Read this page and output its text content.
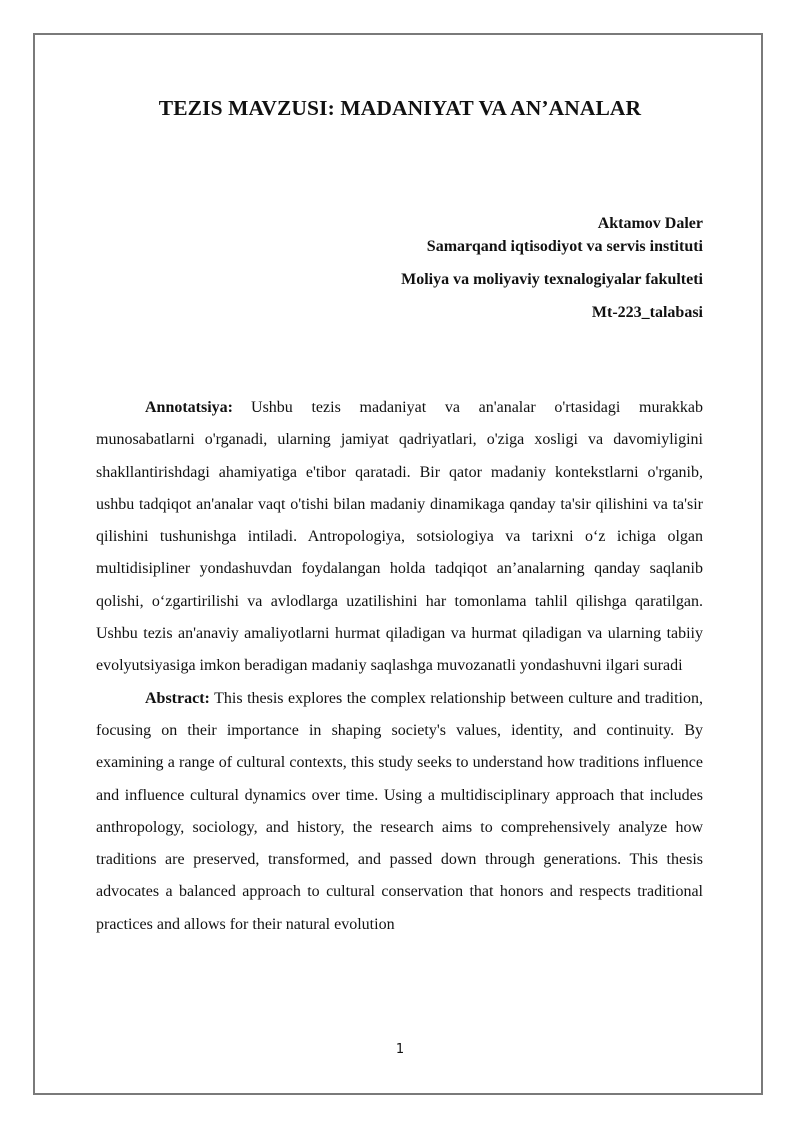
TEZIS MAVZUSI: MADANIYAT VA AN’ANALAR
Aktamov Daler
Samarqand iqtisodiyot va servis instituti
Moliya va moliyaviy texnalogiyalar fakulteti
Mt-223_talabasi

Annotatsiya: Ushbu tezis madaniyat va an'analar o'rtasidagi murakkab munosabatlarni o'rganadi, ularning jamiyat qadriyatlari, o'ziga xosligi va davomiyligini shakllantirishdagi ahamiyatiga e'tibor qaratadi. Bir qator madaniy kontekstlarni o'rganib, ushbu tadqiqot an'analar vaqt o'tishi bilan madaniy dinamikaga qanday ta'sir qilishini va ta'sir qilishini tushunishga intiladi. Antropologiya, sotsiologiya va tarixni o‘z ichiga olgan multidisipliner yondashuvdan foydalangan holda tadqiqot an’analarning qanday saqlanib qolishi, o‘zgartirilishi va avlodlarga uzatilishini har tomonlama tahlil qilishga qaratilgan. Ushbu tezis an'anaviy amaliyotlarni hurmat qiladigan va hurmat qiladigan va ularning tabiiy evolyutsiyasiga imkon beradigan madaniy saqlashga muvozanatli yondashuvni ilgari suradi

Abstract: This thesis explores the complex relationship between culture and tradition, focusing on their importance in shaping society's values, identity, and continuity. By examining a range of cultural contexts, this study seeks to understand how traditions influence and influence cultural dynamics over time. Using a multidisciplinary approach that includes anthropology, sociology, and history, the research aims to comprehensively analyze how traditions are preserved, transformed, and passed down through generations. This thesis advocates a balanced approach to cultural conservation that honors and respects traditional practices and allows for their natural evolution

1
